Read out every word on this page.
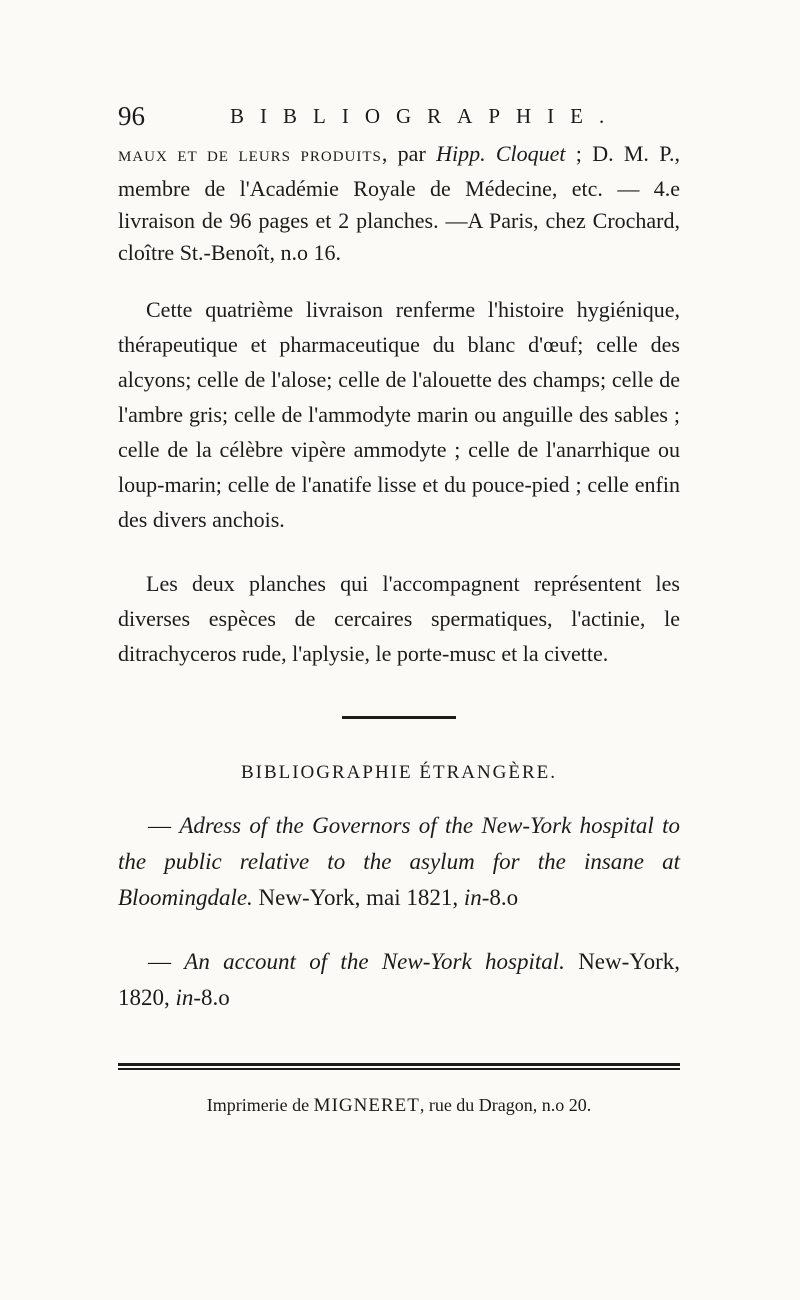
96	BIBLIOGRAPHIE.
MAUX ET DE LEURS PRODUITS, par Hipp. Cloquet ; D. M. P., membre de l'Académie Royale de Médecine, etc. — 4.e livraison de 96 pages et 2 planches. —A Paris, chez Crochard, cloître St.-Benoît, n.o 16.

Cette quatrième livraison renferme l'histoire hygiénique, thérapeutique et pharmaceutique du blanc d'œuf; celle des alcyons; celle de l'alose; celle de l'alouette des champs; celle de l'ambre gris; celle de l'ammodyte marin ou anguille des sables ; celle de la célèbre vipère ammodyte ; celle de l'anarrhique ou loup-marin; celle de l'anatife lisse et du pouce-pied ; celle enfin des divers anchois.

Les deux planches qui l'accompagnent représentent les diverses espèces de cercaires spermatiques, l'actinie, le ditrachyceros rude, l'aplysie, le porte-musc et la civette.

BIBLIOGRAPHIE ÉTRANGÈRE.

— Adress of the Governors of the New-York hospital to the public relative to the asylum for the insane at Bloomingdale. New-York, mai 1821, in-8.o

— An account of the New-York hospital. New-York, 1820, in-8.o

Imprimerie de MIGNERET, rue du Dragon, n.o 20.
